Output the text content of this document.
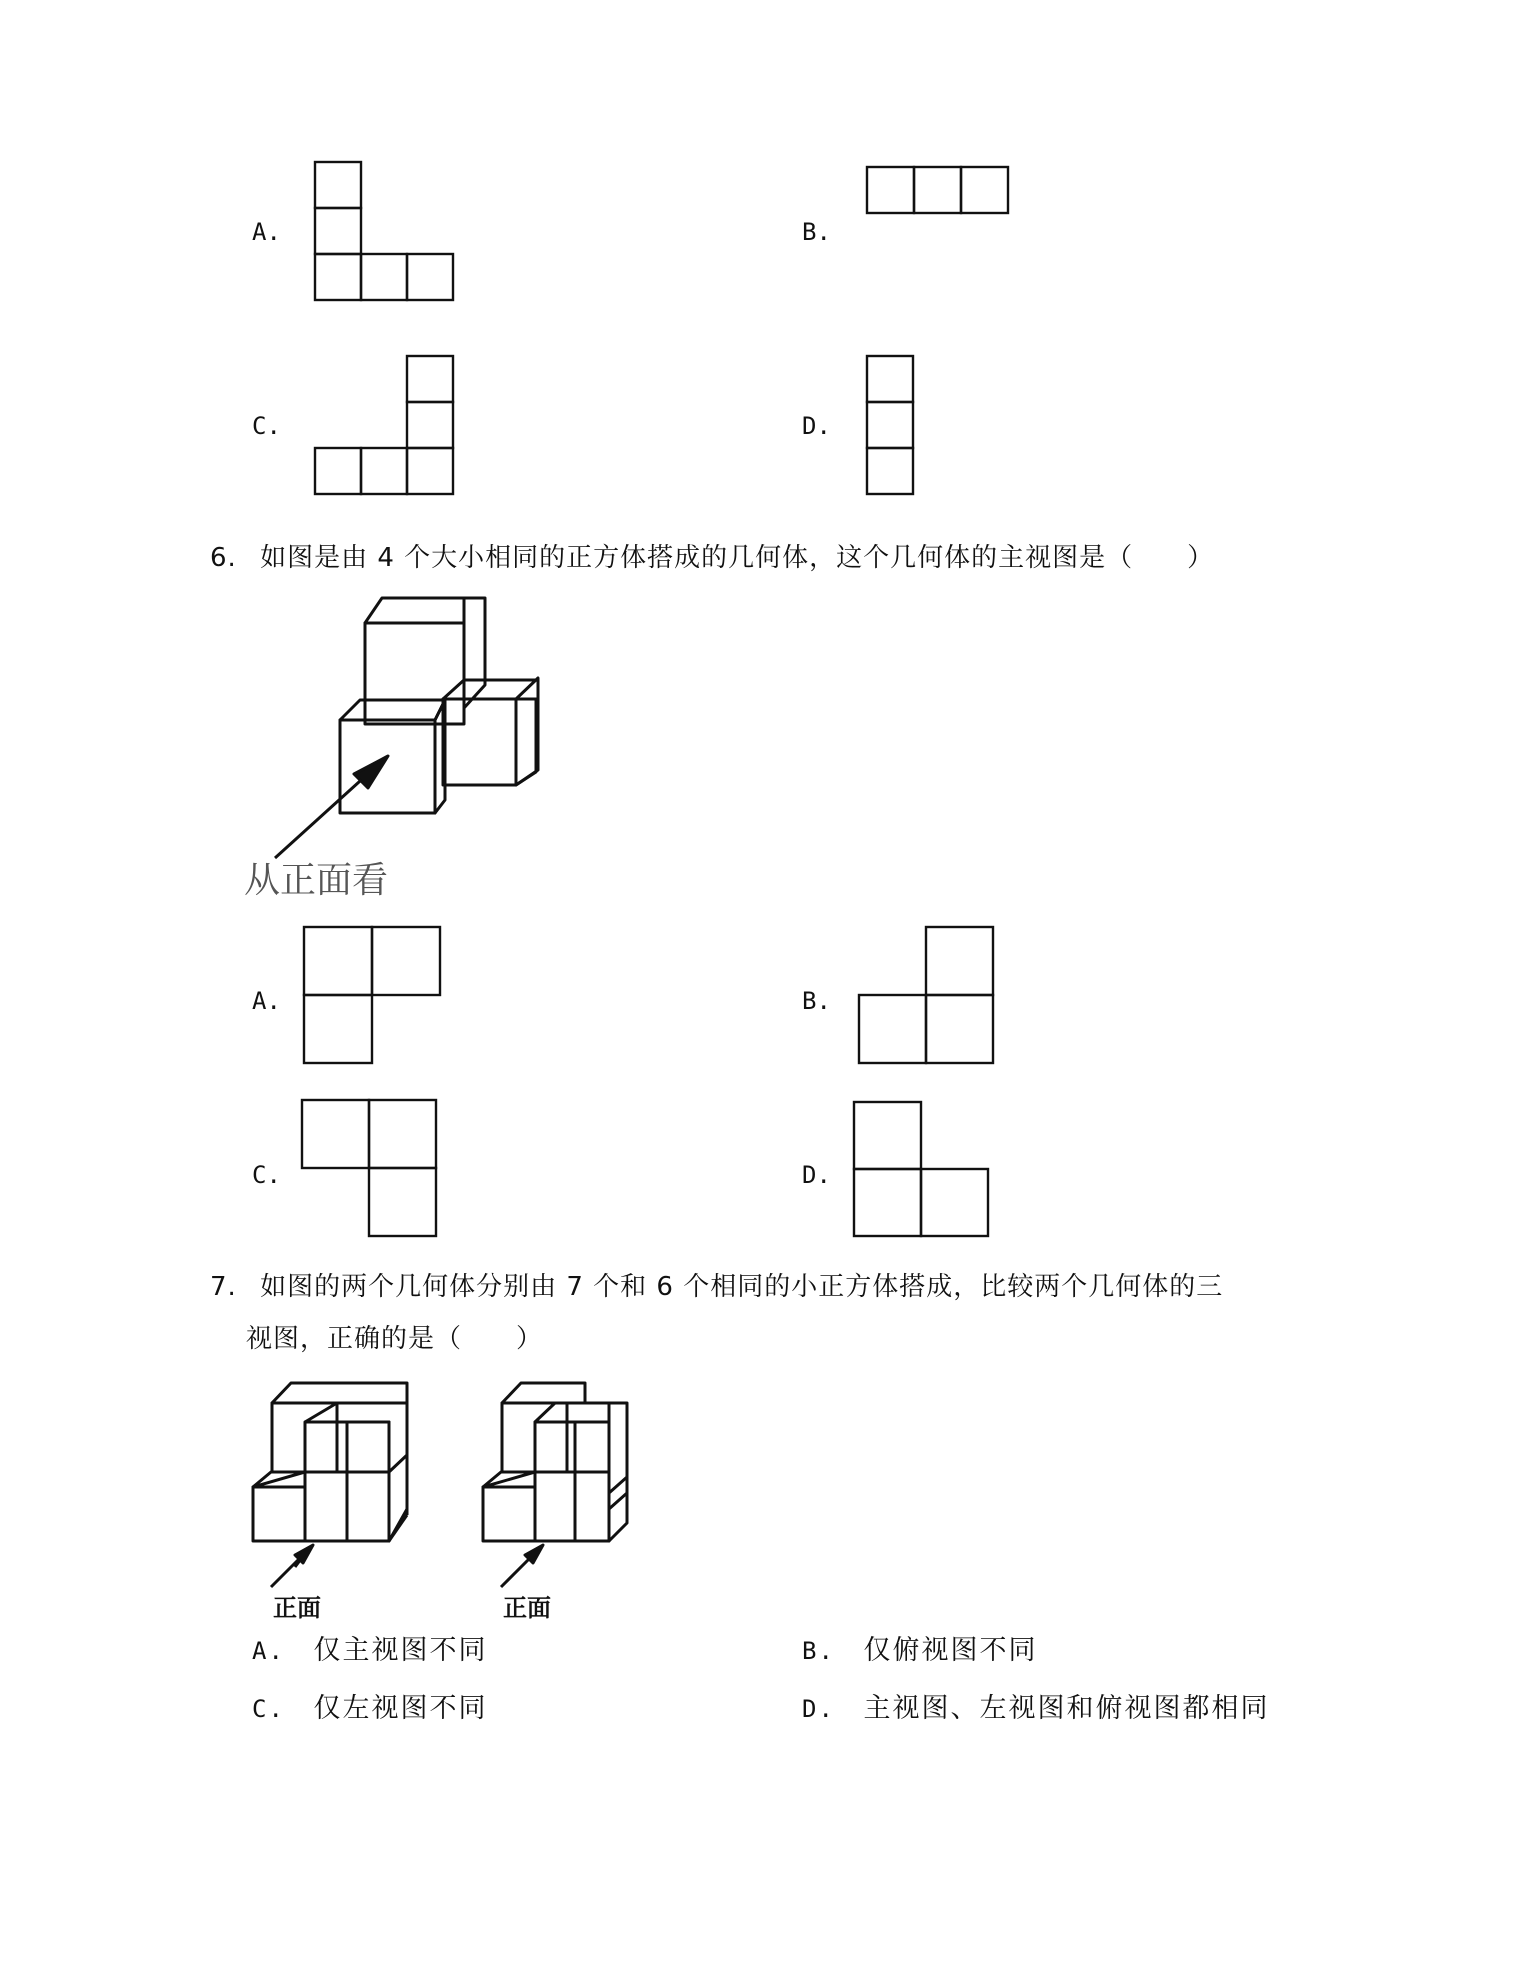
A.	B.
C.	D.
6. 如图是由 4 个大小相同的正方体搭成的几何体，这个几何体的主视图是（　　）
从正面看
A.	B.
C.	D.
7. 如图的两个几何体分别由 7 个和 6 个相同的小正方体搭成，比较两个几何体的三
视图，正确的是（　　）
正面	正面
A. 仅主视图不同	B. 仅俯视图不同
C. 仅左视图不同	D. 主视图、左视图和俯视图都相同
